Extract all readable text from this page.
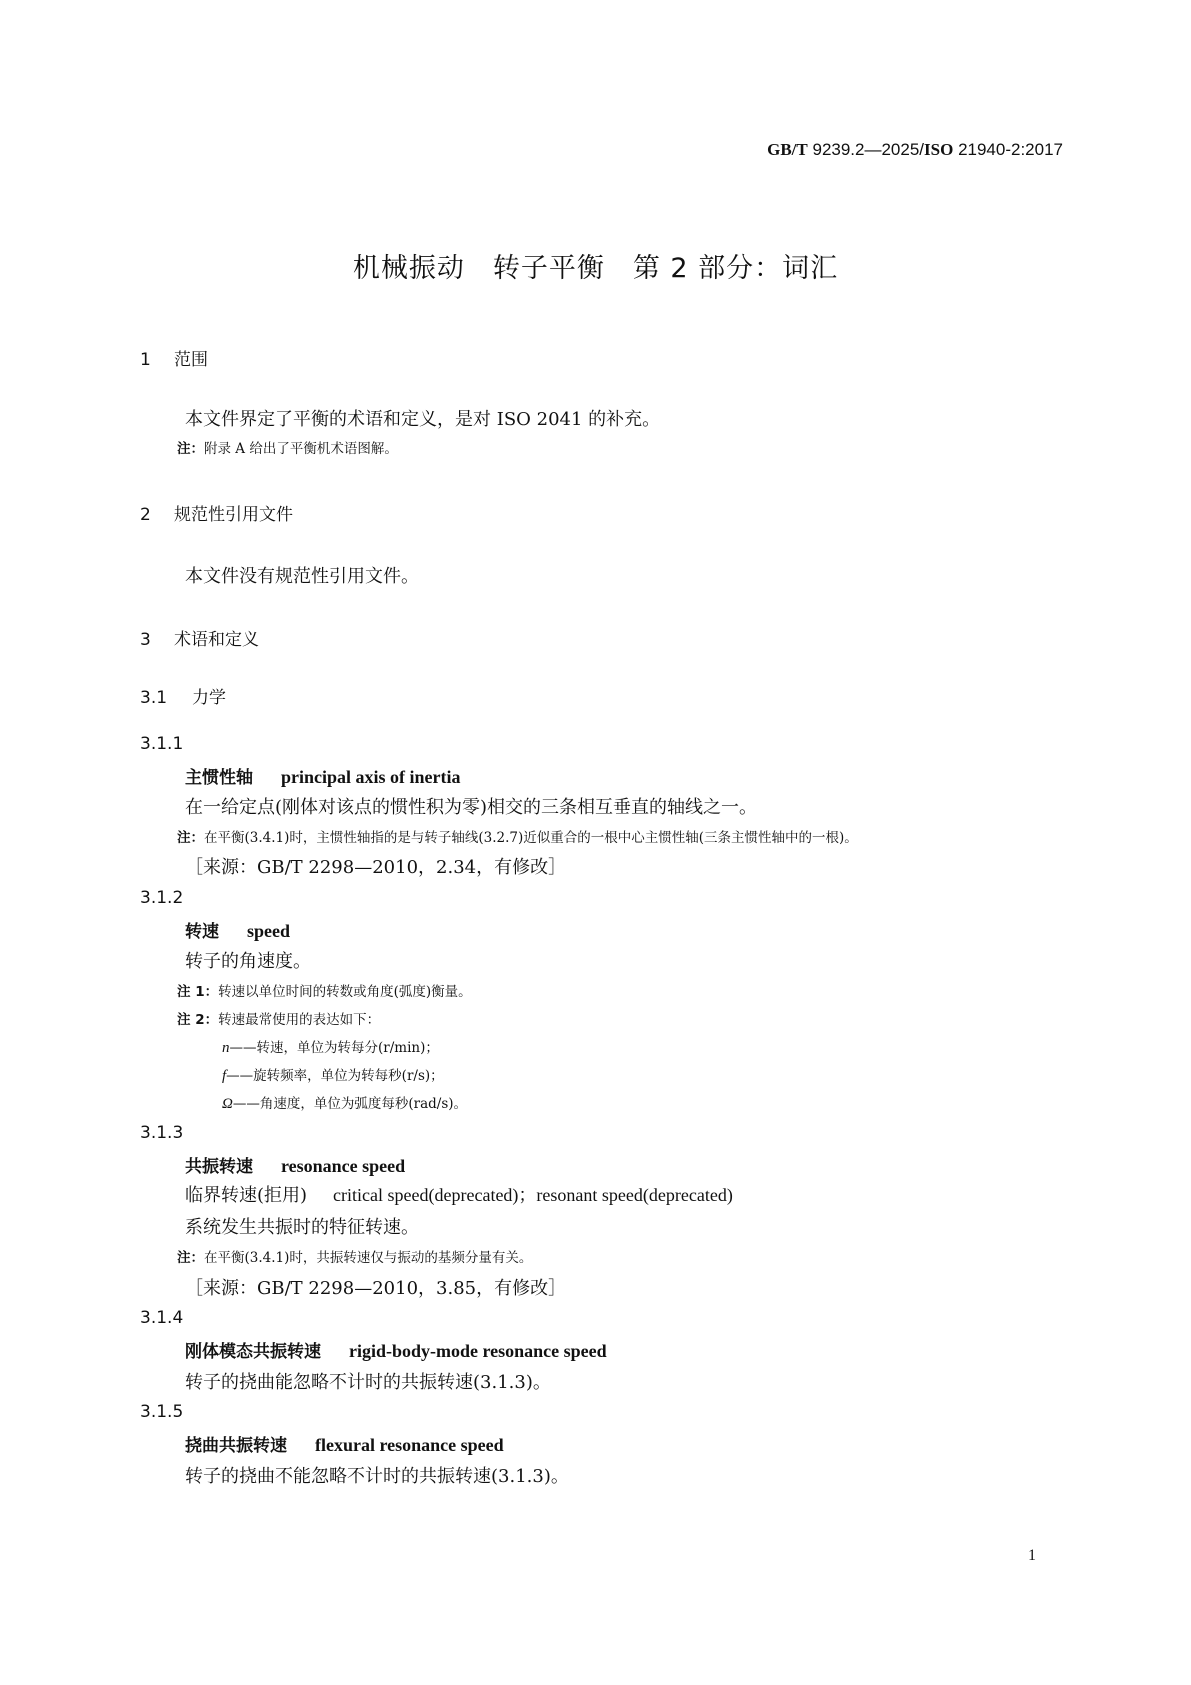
GB/T 9239.2—2025/ISO 21940-2:2017
机械振动　转子平衡　第 2 部分：词汇
1 范围
本文件界定了平衡的术语和定义，是对 ISO 2041 的补充。
注：附录 A 给出了平衡机术语图解。
2 规范性引用文件
本文件没有规范性引用文件。
3 术语和定义
3.1 力学
3.1.1
主惯性轴 principal axis of inertia
在一给定点(刚体对该点的惯性积为零)相交的三条相互垂直的轴线之一。
注：在平衡(3.4.1)时，主惯性轴指的是与转子轴线(3.2.7)近似重合的一根中心主惯性轴(三条主惯性轴中的一根)。
［来源：GB/T 2298—2010，2.34，有修改］
3.1.2
转速 speed
转子的角速度。
注 1：转速以单位时间的转数或角度(弧度)衡量。
注 2：转速最常使用的表达如下：
n——转速，单位为转每分(r/min)；
f——旋转频率，单位为转每秒(r/s)；
Ω——角速度，单位为弧度每秒(rad/s)。
3.1.3
共振转速 resonance speed
临界转速(拒用) critical speed(deprecated)；resonant speed(deprecated)
系统发生共振时的特征转速。
注：在平衡(3.4.1)时，共振转速仅与振动的基频分量有关。
［来源：GB/T 2298—2010，3.85，有修改］
3.1.4
刚体模态共振转速 rigid-body-mode resonance speed
转子的挠曲能忽略不计时的共振转速(3.1.3)。
3.1.5
挠曲共振转速 flexural resonance speed
转子的挠曲不能忽略不计时的共振转速(3.1.3)。
1
